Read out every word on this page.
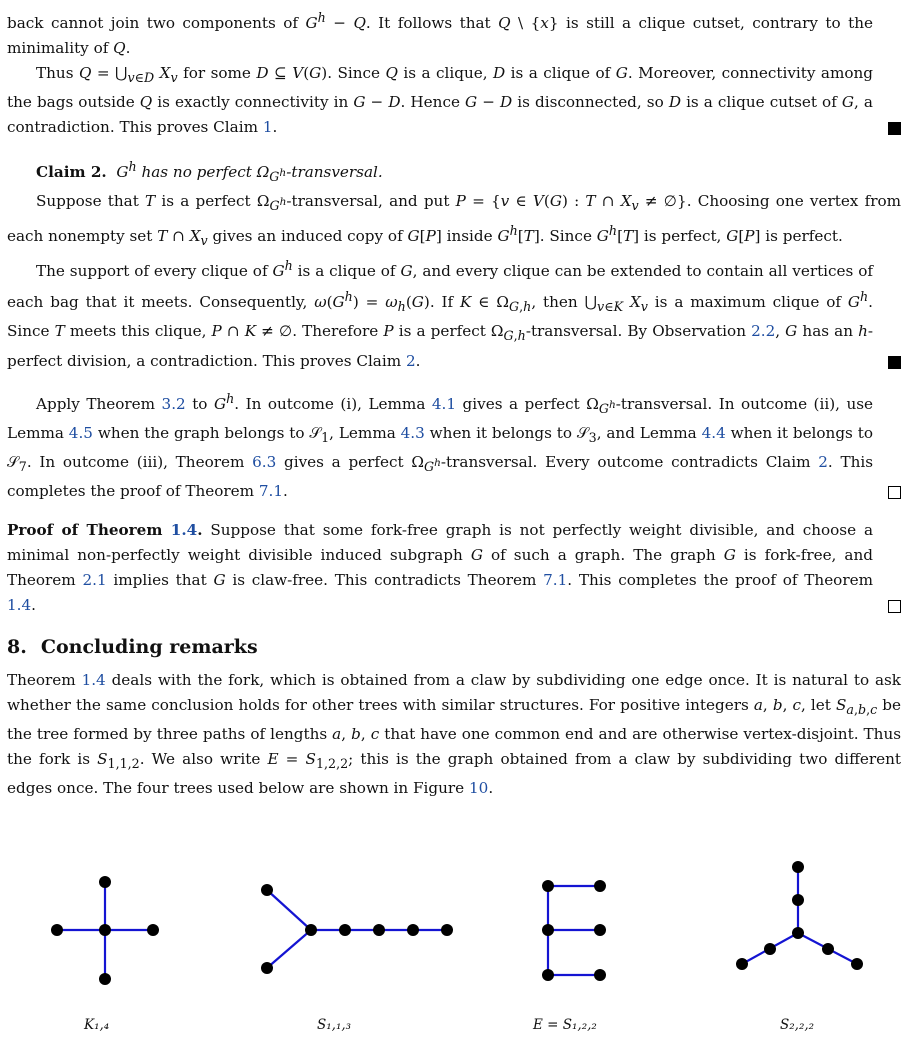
back cannot join two components of $G^h - Q$. It follows that Q \ {x} is still a clique cutset, contrary to the minimality of Q.

Thus $Q = ⋃_{v\in D}$ $X_v$ for some D ⊆ V(G). Since Q is a clique, D is a clique of G. Moreover, connectivity among the bags outside Q is exactly connectivity in G − D. Hence G − D is disconnected, so D is a clique cutset of G, a contradiction. This proves Claim 1.

Claim 2. $G^h$ has no perfect $\Omega_{G^h}$-transversal.

Suppose that T is a perfect $\Omega_{G^h}$-transversal, and put P = {v ∈ V(G) : T ∩ $X_v$ ≠ ∅}. Choosing one vertex from each nonempty set T ∩ $X_v$ gives an induced copy of G[P] inside $G^h[T]$. Since $G^h[T]$ is perfect, G[P] is perfect.

The support of every clique of $G^h$ is a clique of G, and every clique can be extended to contain all vertices of each bag that it meets. Consequently, $\omega(G^h) = \omega_h(G)$. If K ∈ $\Omega_{G,h}$, then $⋃_{v\in K}$ $X_v$ is a maximum clique of $G^h$. Since T meets this clique, P ∩ K ≠ ∅. Therefore P is a perfect $\Omega_{G,h}$-transversal. By Observation 2.2, G has an h-perfect division, a contradiction. This proves Claim 2.

Apply Theorem 3.2 to $G^h$. In outcome (i), Lemma 4.1 gives a perfect $\Omega_{G^h}$-transversal. In outcome (ii), use Lemma 4.5 when the graph belongs to 𝒮$_1$, Lemma 4.3 when it belongs to 𝒮$_3$, and Lemma 4.4 when it belongs to 𝒮$_7$. In outcome (iii), Theorem 6.3 gives a perfect $\Omega_{G^h}$-transversal. Every outcome contradicts Claim 2. This completes the proof of Theorem 7.1.

Proof of Theorem 1.4. Suppose that some fork-free graph is not perfectly weight divisible, and choose a minimal non-perfectly weight divisible induced subgraph G of such a graph. The graph G is fork-free, and Theorem 2.1 implies that G is claw-free. This contradicts Theorem 7.1. This completes the proof of Theorem 1.4.

8. Concluding remarks

Theorem 1.4 deals with the fork, which is obtained from a claw by subdividing one edge once. It is natural to ask whether the same conclusion holds for other trees with similar structures. For positive integers a, b, c, let $S_{a,b,c}$ be the tree formed by three paths of lengths a, b, c that have one common end and are otherwise vertex-disjoint. Thus the fork is $S_{1,1,2}$. We also write $E = S_{1,2,2}$; this is the graph obtained from a claw by subdividing two different edges once. The four trees used below are shown in Figure 10.

K₁,₄	S₁,₁,₃	E = S₁,₂,₂	S₂,₂,₂
